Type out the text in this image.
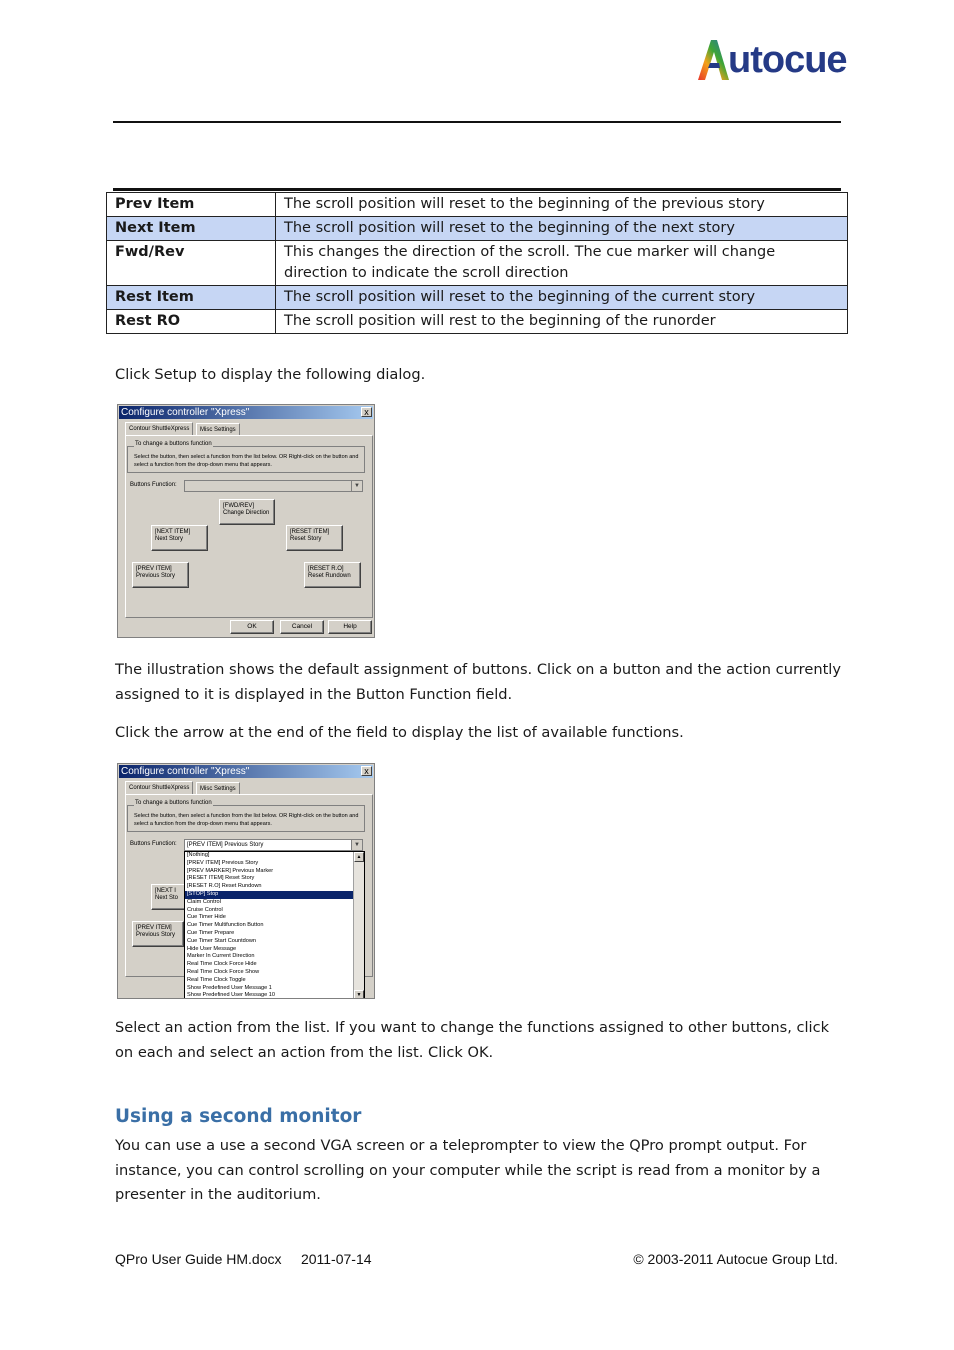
utocue
Prev Item	The scroll position will reset to the beginning of the previous story
Next Item	The scroll position will reset to the beginning of the next story
Fwd/Rev	This changes the direction of the scroll. The cue marker will change direction to indicate the scroll direction
Rest Item	The scroll position will reset to the beginning of the current story
Rest RO	The scroll position will rest to the beginning of the runorder

Click Setup to display the following dialog.

Configure controller "Xpress"	x
Contour ShuttleXpress	Misc Settings
To change a buttons function
Select the button, then select a function from the list below. OR Right-click on the button and select a function from the drop-down menu that appears.
Buttons Function:	▼
[FWD/REV]
Change Direction
[NEXT ITEM]
Next Story
[RESET ITEM]
Reset Story
[PREV ITEM]
Previous Story
[RESET R.O]
Reset Rundown
OK	Cancel	Help

The illustration shows the default assignment of buttons. Click on a button and the action currently assigned to it is displayed in the Button Function field.

Click the arrow at the end of the field to display the list of available functions.

Configure controller "Xpress"	x
Contour ShuttleXpress	Misc Settings
To change a buttons function
Select the button, then select a function from the list below. OR Right-click on the button and select a function from the drop-down menu that appears.
Buttons Function:	[PREV ITEM] Previous Story	▼
[NEXT I
Next Sto
[PREV ITEM]
Previous Story
[Nothing]
[PREV ITEM] Previous Story
[PREV MARKER] Previous Marker
[RESET ITEM] Reset Story
[RESET R.O] Reset Rundown
[STOP] Stop
Claim Control
Cruise Control
Cue Timer Hide
Cue Timer Multifunction Button
Cue Timer Prepare
Cue Timer Start Countdown
Hide User Message
Marker In Current Direction
Real Time Clock Force Hide
Real Time Clock Force Show
Real Time Clock Toggle
Show Predefined User Message 1
Show Predefined User Message 10
▲
▼

Select an action from the list. If you want to change the functions assigned to other buttons, click on each and select an action from the list. Click OK.

Using a second monitor

You can use a use a second VGA screen or a teleprompter to view the QPro prompt output. For instance, you can control scrolling on your computer while the script is read from a monitor by a presenter in the auditorium.

QPro User Guide HM.docx     2011-07-14	© 2003-2011 Autocue Group Ltd.
